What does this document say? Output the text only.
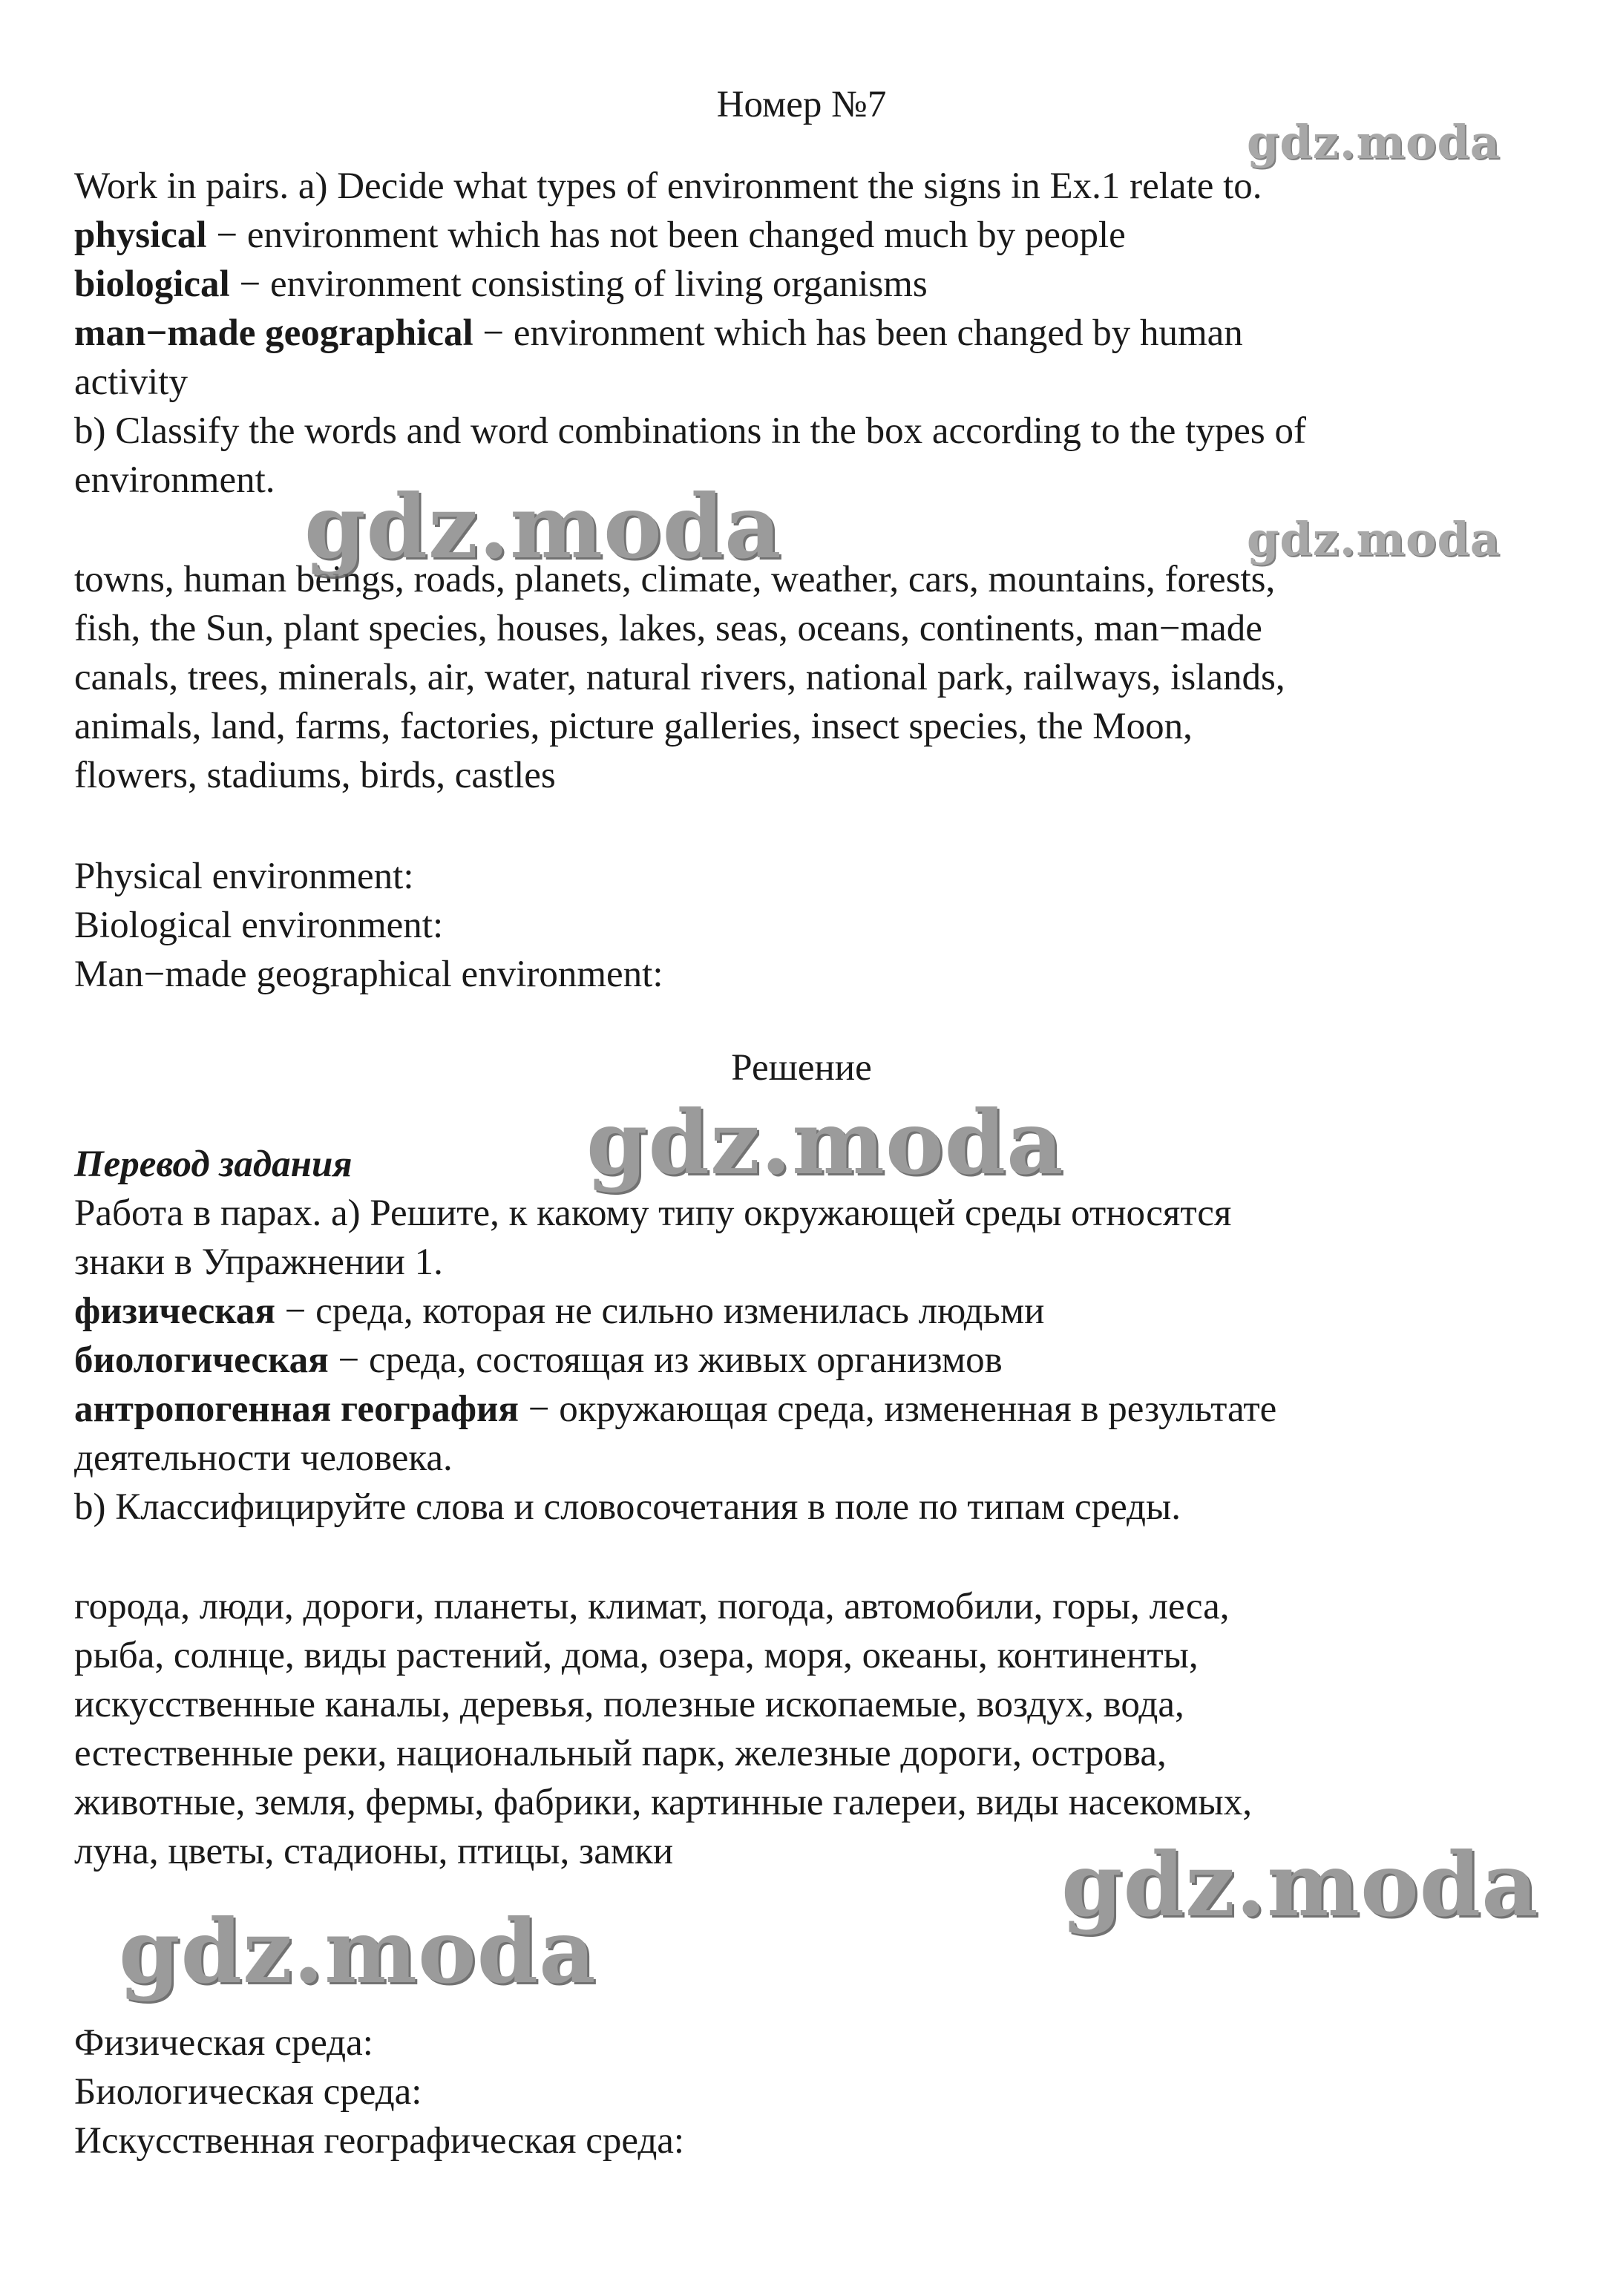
Номер №7
Work in pairs. a) Decide what types of environment the signs in Ex.1 relate to.
physical − environment which has not been changed much by people
biological − environment consisting of living organisms
man−made geographical − environment which has been changed by human
activity
b) Classify the words and word combinations in the box according to the types of
environment.
towns, human beings, roads, planets, climate, weather, cars, mountains, forests,
fish, the Sun, plant species, houses, lakes, seas, oceans, continents, man−made
canals, trees, minerals, air, water, natural rivers, national park, railways, islands,
animals, land, farms, factories, picture galleries, insect species, the Moon,
flowers, stadiums, birds, castles
Physical environment:
Biological environment:
Man−made geographical environment:
Решение
Перевод задания
Работа в парах. а) Решите, к какому типу окружающей среды относятся
знаки в Упражнении 1.
физическая − среда, которая не сильно изменилась людьми
биологическая − среда, состоящая из живых организмов
антропогенная география − окружающая среда, измененная в результате
деятельности человека.
b) Классифицируйте слова и словосочетания в поле по типам среды.
города, люди, дороги, планеты, климат, погода, автомобили, горы, леса,
рыба, солнце, виды растений, дома, озера, моря, океаны, континенты,
искусственные каналы, деревья, полезные ископаемые, воздух, вода,
естественные реки, национальный парк, железные дороги, острова,
животные, земля, фермы, фабрики, картинные галереи, виды насекомых,
луна, цветы, стадионы, птицы, замки
Физическая среда:
Биологическая среда:
Искусственная географическая среда:
gdz.moda
gdz.moda	gdz.moda
gdz.moda
gdz.moda
gdz.moda
